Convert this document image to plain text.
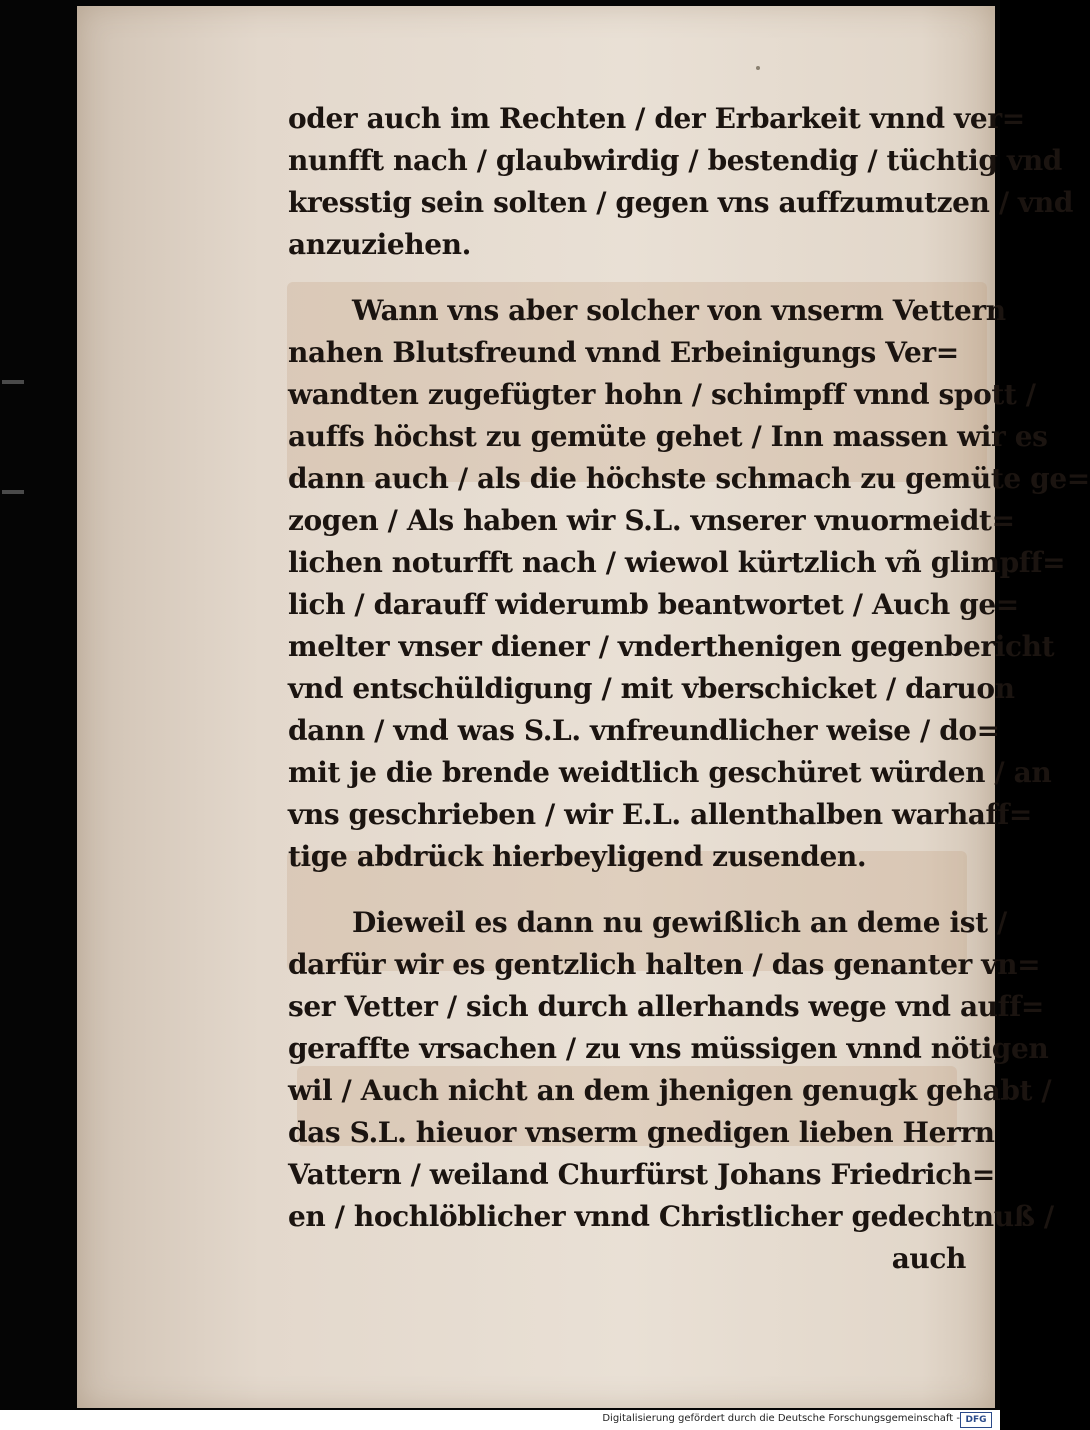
oder auch im Rechten / der Erbarkeit vnnd ver=
nunfft nach / glaubwirdig / bestendig / tüchtig vnd
kresstig sein solten / gegen vns auffzumutzen / vnd
anzuziehen.
Wann vns aber solcher von vnserm Vettern
nahen Blutsfreund vnnd Erbeinigungs Ver=
wandten zugefügter hohn / schimpff vnnd spott /
auffs höchst zu gemüte gehet / Inn massen wir es
dann auch / als die höchste schmach zu gemüte ge=
zogen / Als haben wir S.L. vnserer vnuormeidt=
lichen noturfft nach / wiewol kürtzlich vñ glimpff=
lich / darauff widerumb beantwortet / Auch ge=
melter vnser diener / vnderthenigen gegenbericht
vnd entschüldigung / mit vberschicket / daruon
dann / vnd was S.L. vnfreundlicher weise / do=
mit je die brende weidtlich geschüret würden / an
vns geschrieben / wir E.L. allenthalben warhaff=
tige abdrück hierbeyligend zusenden.
Dieweil es dann nu gewißlich an deme ist /
darfür wir es gentzlich halten / das genanter vn=
ser Vetter / sich durch allerhands wege vnd auff=
geraffte vrsachen / zu vns müssigen vnnd nötigen
wil / Auch nicht an dem jhenigen genugk gehabt /
das S.L. hieuor vnserm gnedigen lieben Herrn
Vattern / weiland Churfürst Johans Friedrich=
en / hochlöblicher vnnd Christlicher gedechtnuß /
auch
Digitalisierung gefördert durch die Deutsche Forschungsgemeinschaft - DFG
